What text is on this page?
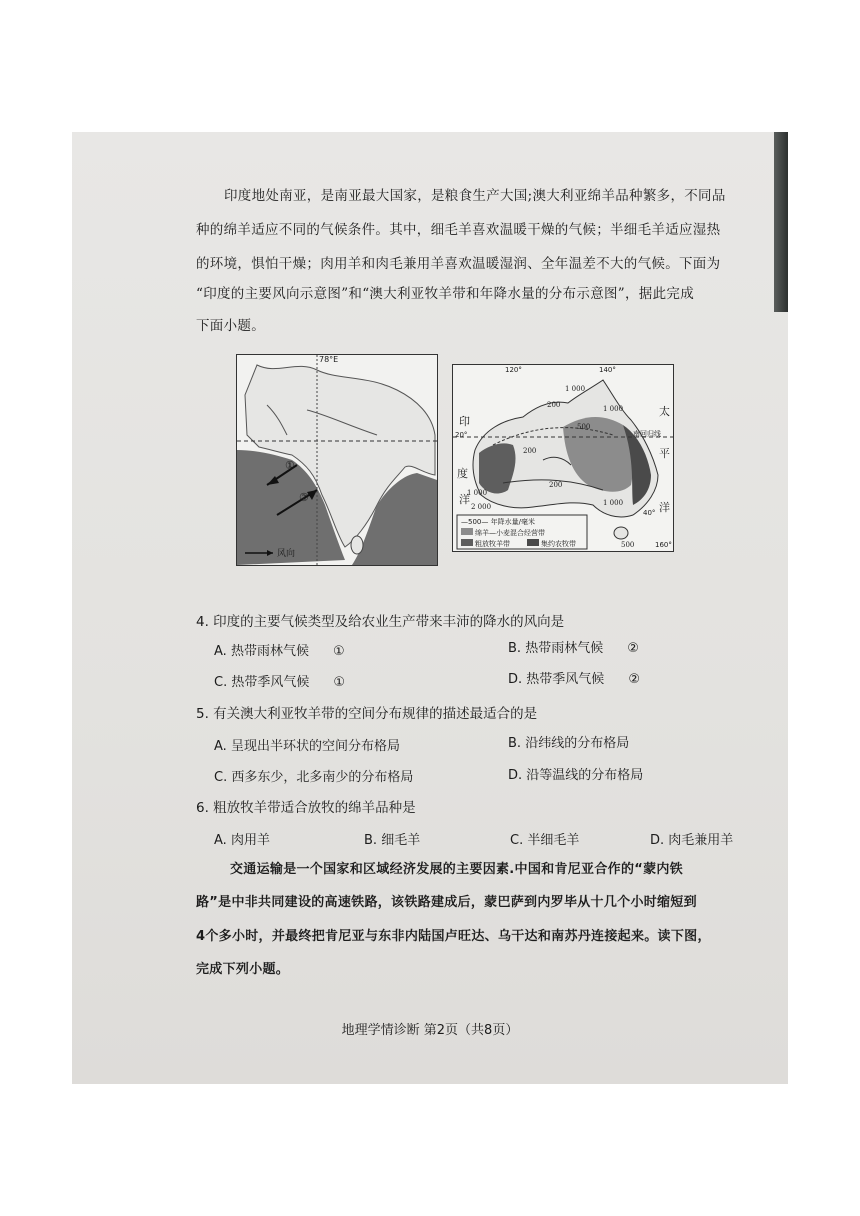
印度地处南亚，是南亚最大国家，是粮食生产大国;澳大利亚绵羊品种繁多，不同品
种的绵羊适应不同的气候条件。其中，细毛羊喜欢温暖干燥的气候；半细毛羊适应湿热
的环境，惧怕干燥；肉用羊和肉毛兼用羊喜欢温暖湿润、全年温差不大的气候。下面为
“印度的主要风向示意图”和“澳大利亚牧羊带和年降水量的分布示意图”，据此完成
下面小题。
78°E
①
②
风向
120°	140°
160°
20°
40°
印
度
洋
太
平
洋
南回归线
200
200
200
500
1 000
1 000
1 000
1 000
2 000
500
—500— 年降水量/毫米
绵羊—小麦混合经营带
粗放牧羊带	集约农牧带
4. 印度的主要气候类型及给农业生产带来丰沛的降水的风向是
A. 热带雨林气候 ①	B. 热带雨林气候 ②
C. 热带季风气候 ①	D. 热带季风气候 ②
5. 有关澳大利亚牧羊带的空间分布规律的描述最适合的是
A. 呈现出半环状的空间分布格局	B. 沿纬线的分布格局
C. 西多东少，北多南少的分布格局	D. 沿等温线的分布格局
6. 粗放牧羊带适合放牧的绵羊品种是
A. 肉用羊	B. 细毛羊	C. 半细毛羊	D. 肉毛兼用羊
交通运输是一个国家和区域经济发展的主要因素.中国和肯尼亚合作的“蒙内铁
路”是中非共同建设的高速铁路，该铁路建成后，蒙巴萨到内罗毕从十几个小时缩短到
4个多小时，并最终把肯尼亚与东非内陆国卢旺达、乌干达和南苏丹连接起来。读下图，
完成下列小题。
地理学情诊断 第2页（共8页）
